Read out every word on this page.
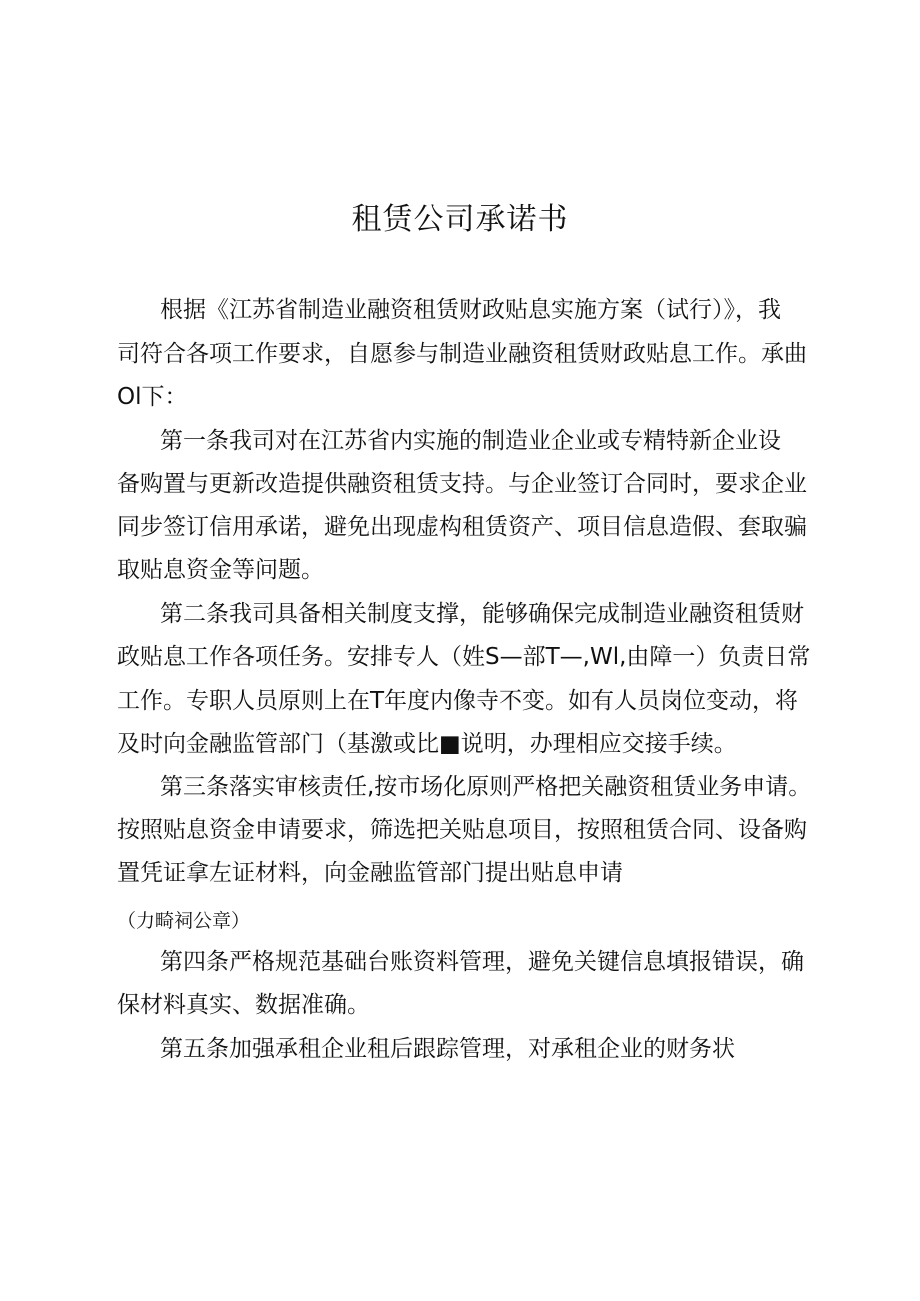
租赁公司承诺书

根据《江苏省制造业融资租赁财政贴息实施方案（试行）》，我

司符合各项工作要求，自愿参与制造业融资租赁财政贴息工作。承曲

Ol下：

第一条我司对在江苏省内实施的制造业企业或专精特新企业设

备购置与更新改造提供融资租赁支持。与企业签订合同时，要求企业

同步签订信用承诺，避免出现虚构租赁资产、项目信息造假、套取骗

取贴息资金等问题。

第二条我司具备相关制度支撑，能够确保完成制造业融资租赁财

政贴息工作各项任务。安排专人（姓S—部T—,Wl,由障一）负责日常

工作。专职人员原则上在T年度内像寺不变。如有人员岗位变动，将

及时向金融监管部门（基激或比■说明，办理相应交接手续。

第三条落实审核责任,按市场化原则严格把关融资租赁业务申请。

按照贴息资金申请要求，筛选把关贴息项目，按照租赁合同、设备购

置凭证拿左证材料，向金融监管部门提出贴息申请

（力畸祠公章）

第四条严格规范基础台账资料管理，避免关键信息填报错误，确

保材料真实、数据准确。

第五条加强承租企业租后跟踪管理，对承租企业的财务状
